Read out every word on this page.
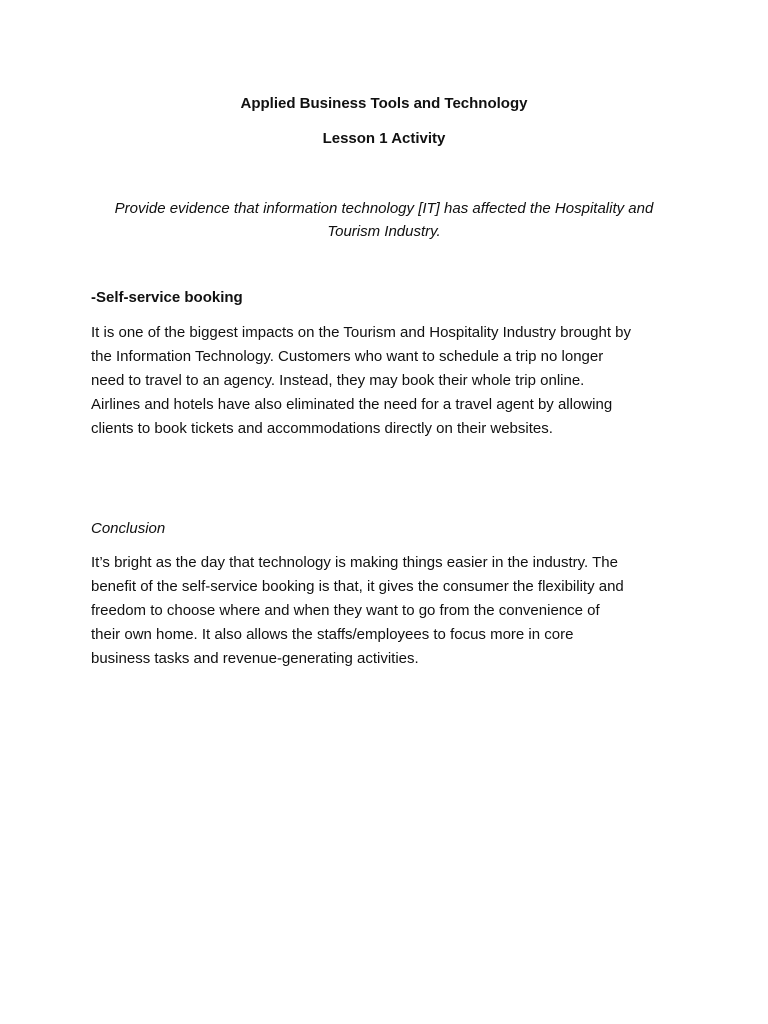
Applied Business Tools and Technology
Lesson 1 Activity
Provide evidence that information technology [IT] has affected the Hospitality and
Tourism Industry.
-Self-service booking
It is one of the biggest impacts on the Tourism and Hospitality Industry brought by
the Information Technology. Customers who want to schedule a trip no longer
need to travel to an agency. Instead, they may book their whole trip online.
Airlines and hotels have also eliminated the need for a travel agent by allowing
clients to book tickets and accommodations directly on their websites.
Conclusion
It’s bright as the day that technology is making things easier in the industry. The
benefit of the self-service booking is that, it gives the consumer the flexibility and
freedom to choose where and when they want to go from the convenience of
their own home. It also allows the staffs/employees to focus more in core
business tasks and revenue-generating activities.
